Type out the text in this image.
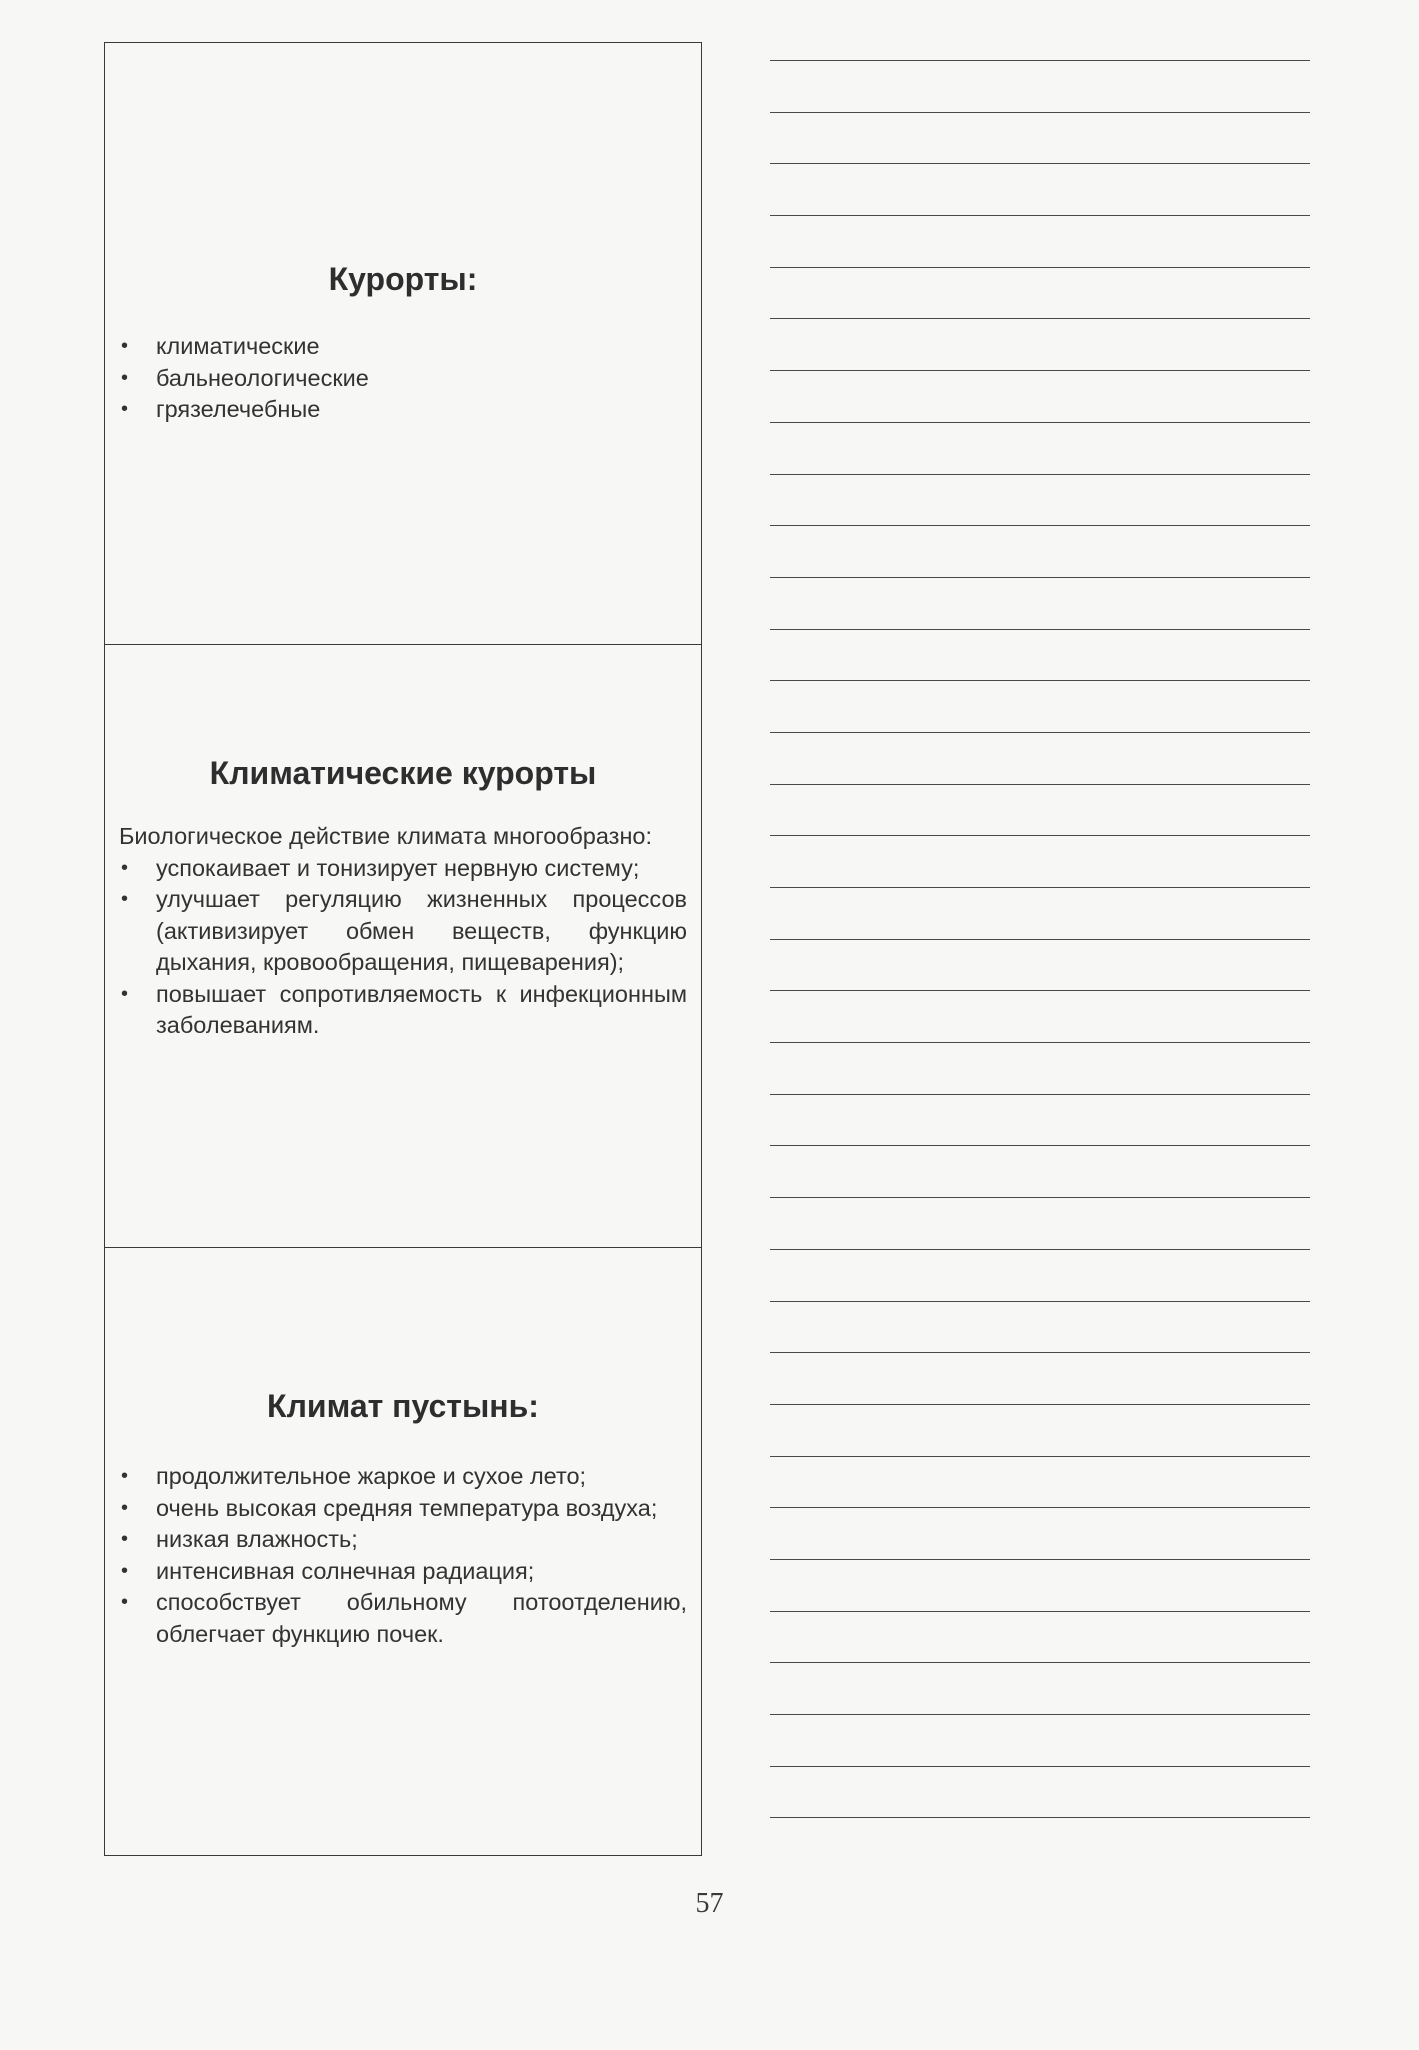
Курорты:
• климатические
• бальнеологические
• грязелечебные
Климатические курорты
Биологическое действие климата многообразно:
• успокаивает и тонизирует нервную систему;
• улучшает регуляцию жизненных процессов (активизирует обмен веществ, функцию дыхания, кровообращения, пищеварения);
• повышает сопротивляемость к инфекционным заболеваниям.
Климат пустынь:
• продолжительное жаркое и сухое лето;
• очень высокая средняя температура воздуха;
• низкая влажность;
• интенсивная солнечная радиация;
• способствует обильному потоотделению, облегчает функцию почек.
57
